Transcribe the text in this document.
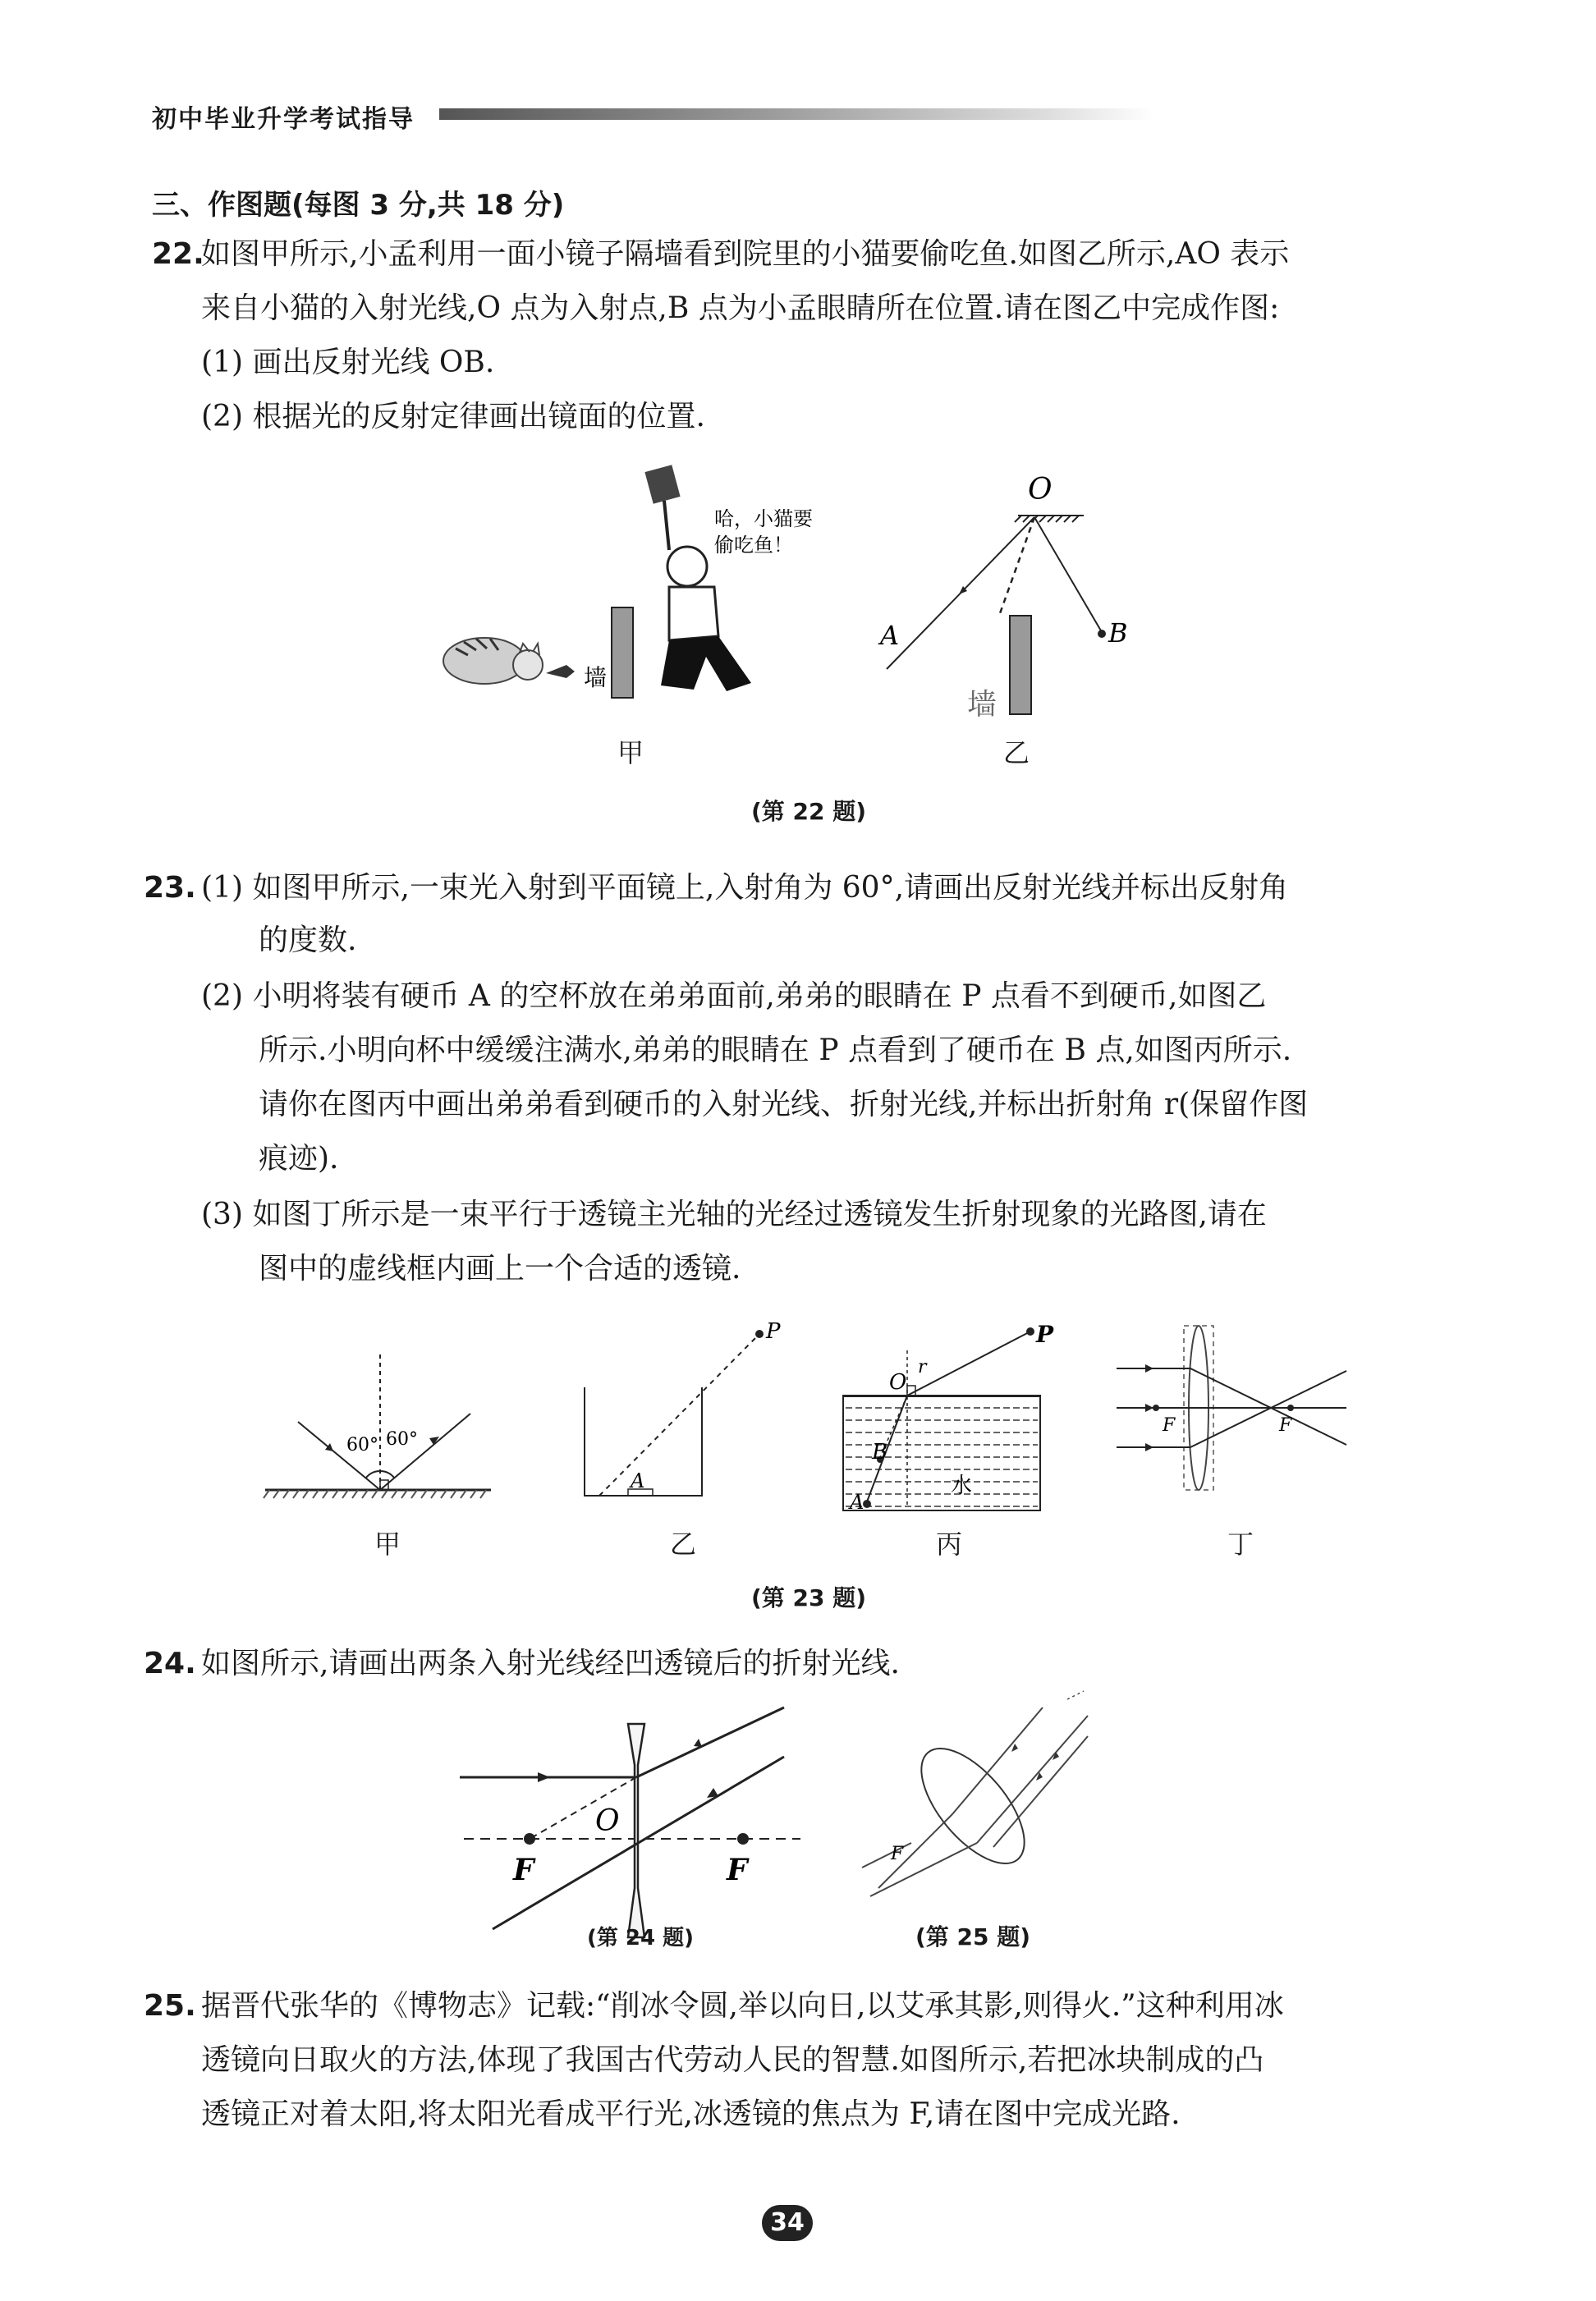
初中毕业升学考试指导
三、作图题(每图 3 分,共 18 分)
22.
如图甲所示,小孟利用一面小镜子隔墙看到院里的小猫要偷吃鱼.如图乙所示,AO 表示
来自小猫的入射光线,O 点为入射点,B 点为小孟眼睛所在位置.请在图乙中完成作图:
(1) 画出反射光线 OB.
(2) 根据光的反射定律画出镜面的位置.
墙
哈，小猫要
偷吃鱼！
甲
O
A	B
墙
乙
(第 22 题)
23. (1) 如图甲所示,一束光入射到平面镜上,入射角为 60°,请画出反射光线并标出反射角
的度数.
(2) 小明将装有硬币 A 的空杯放在弟弟面前,弟弟的眼睛在 P 点看不到硬币,如图乙
所示.小明向杯中缓缓注满水,弟弟的眼睛在 P 点看到了硬币在 B 点,如图丙所示.
请你在图丙中画出弟弟看到硬币的入射光线、折射光线,并标出折射角 r(保留作图
痕迹).
(3) 如图丁所示是一束平行于透镜主光轴的光经过透镜发生折射现象的光路图,请在
图中的虚线框内画上一个合适的透镜.
60° 60°
甲
P
A
乙
P
O
r
B
A
水
丙
F	F
丁
(第 23 题)
24. 如图所示,请画出两条入射光线经凹透镜后的折射光线.
O
F	F
(第 24 题)
F
(第 25 题)
25. 据晋代张华的《博物志》记载:“削冰令圆,举以向日,以艾承其影,则得火.”这种利用冰
透镜向日取火的方法,体现了我国古代劳动人民的智慧.如图所示,若把冰块制成的凸
透镜正对着太阳,将太阳光看成平行光,冰透镜的焦点为 F,请在图中完成光路.
34
